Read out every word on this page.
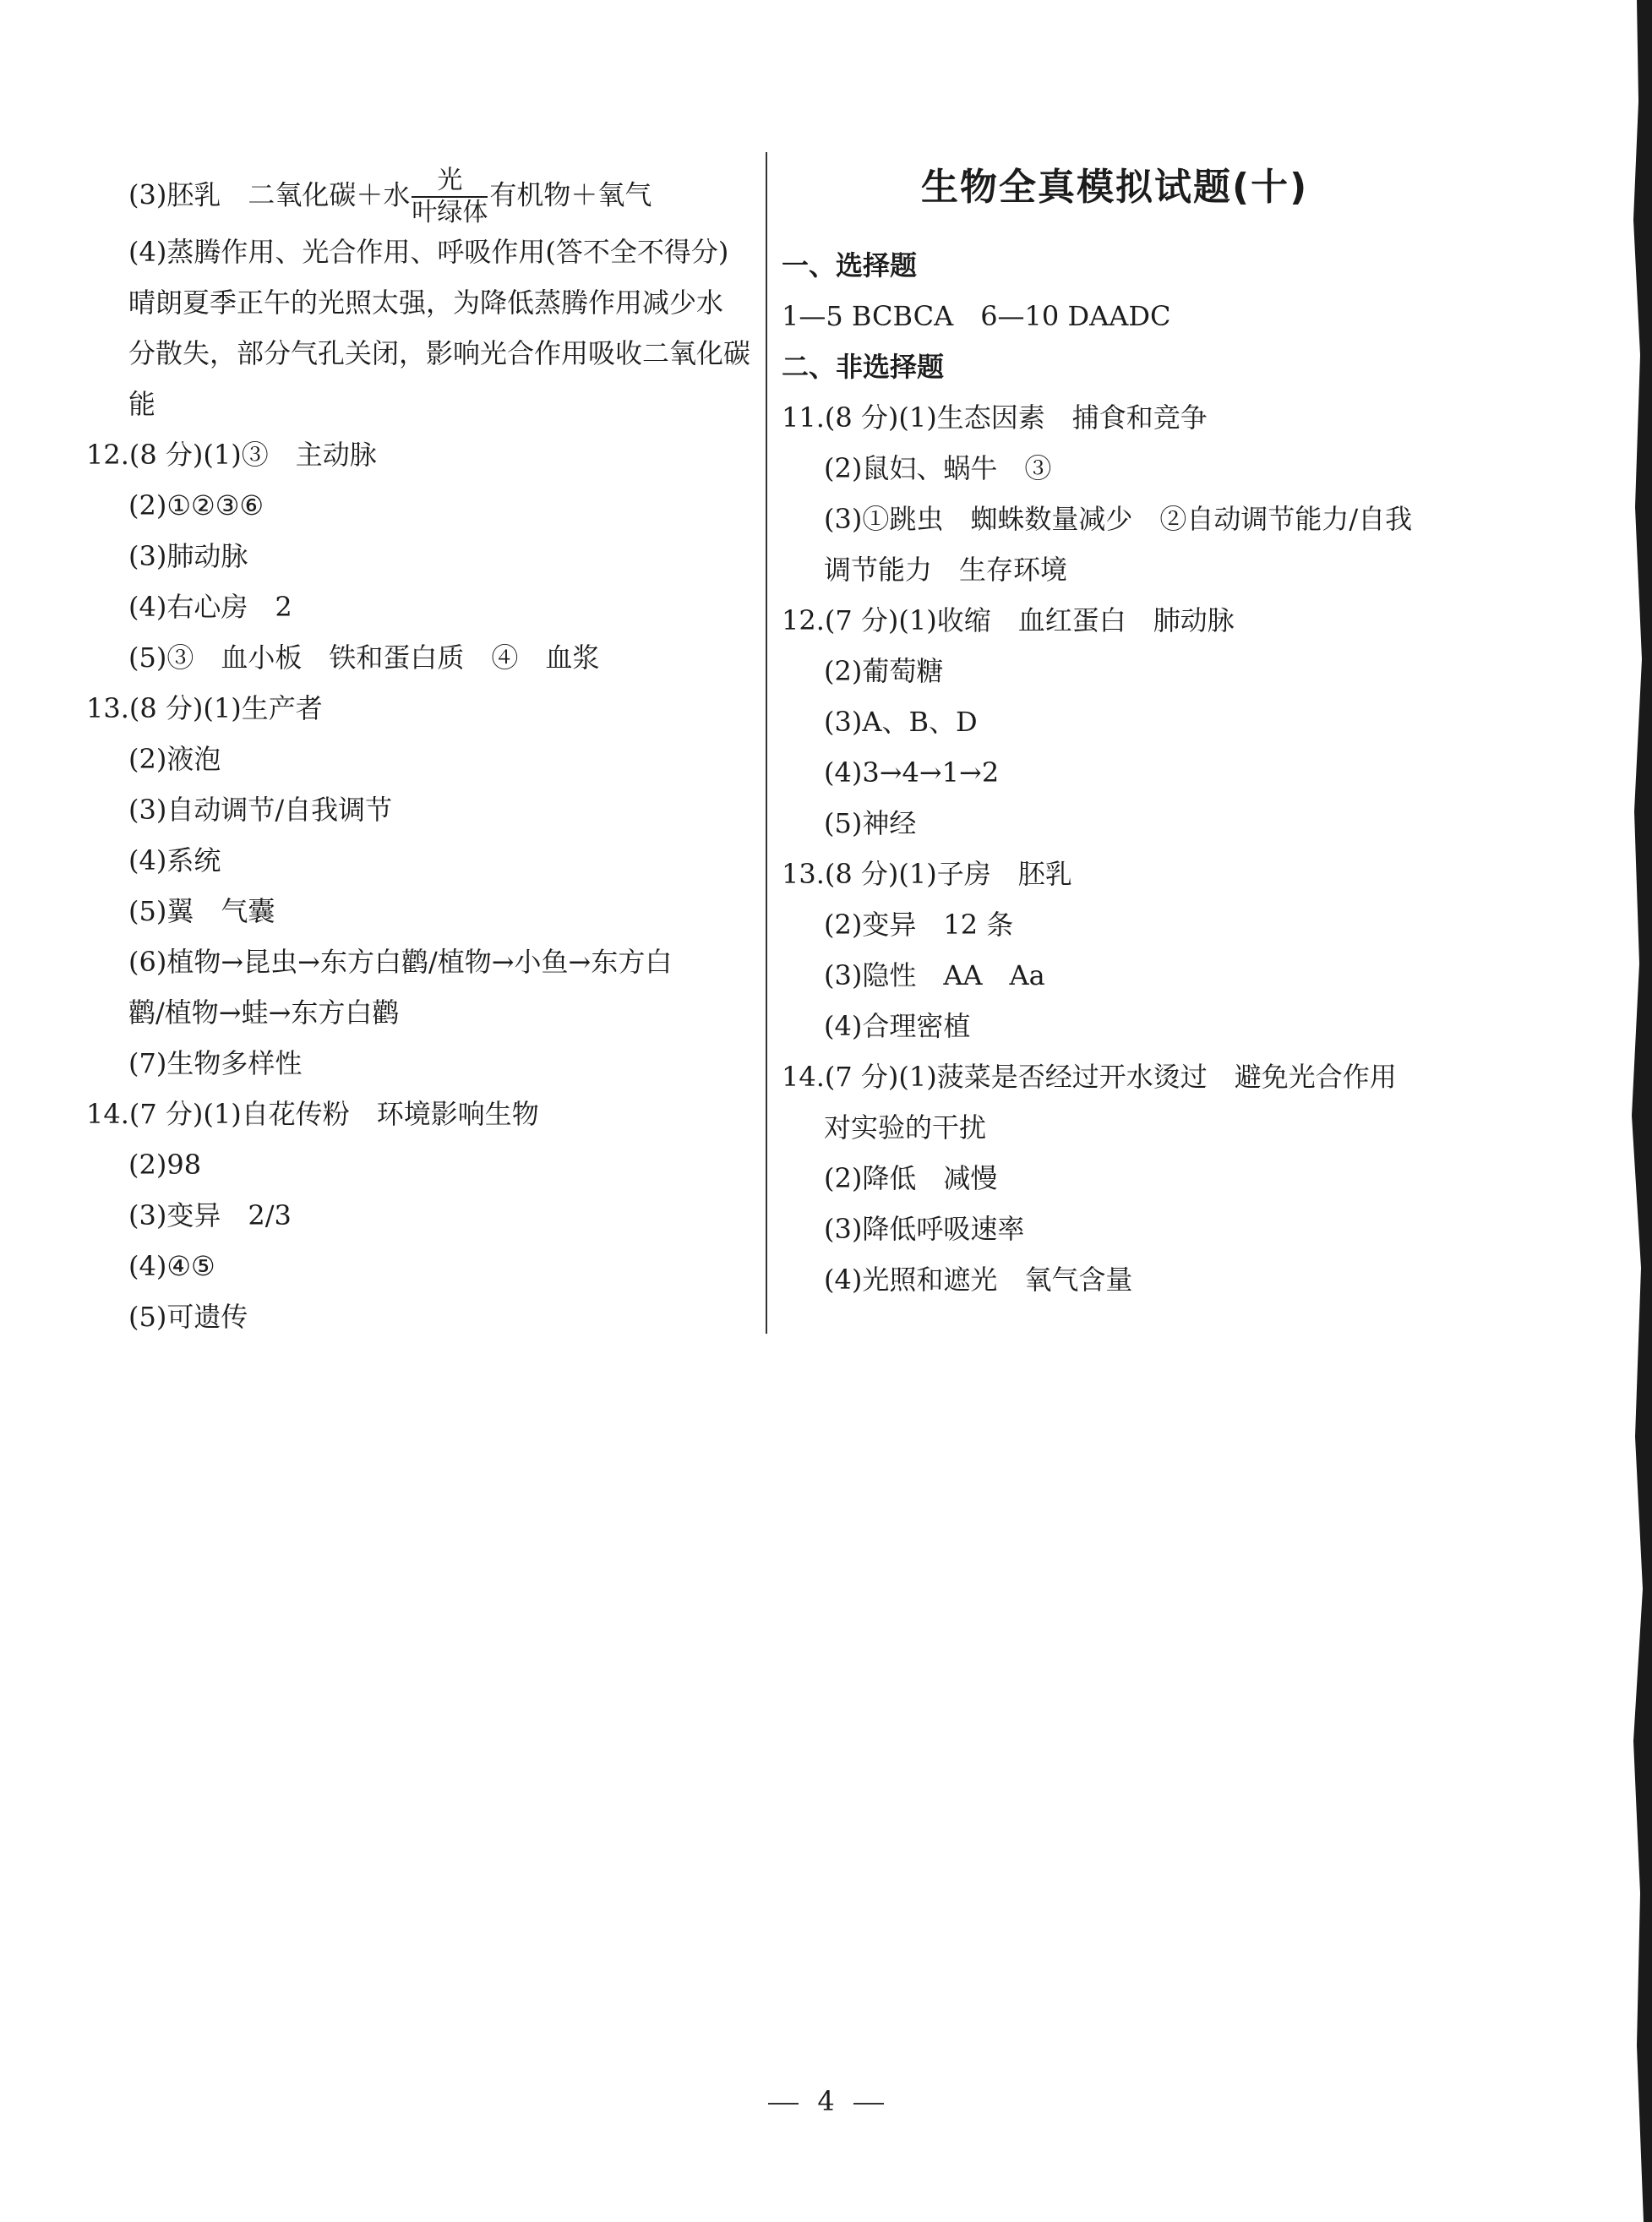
(3)胚乳　二氧化碳＋水 $\frac{\text{光}}{\text{叶绿体}}$ 有机物＋氧气
(4)蒸腾作用、光合作用、呼吸作用(答不全不得分)
晴朗夏季正午的光照太强，为降低蒸腾作用减少水
分散失，部分气孔关闭，影响光合作用吸收二氧化碳
能
12.(8 分)(1)③　主动脉
(2)①②③⑥
(3)肺动脉
(4)右心房　2
(5)③　血小板　铁和蛋白质　④　血浆
13.(8 分)(1)生产者
(2)液泡
(3)自动调节/自我调节
(4)系统
(5)翼　气囊
(6)植物→昆虫→东方白鹳/植物→小鱼→东方白
鹳/植物→蛙→东方白鹳
(7)生物多样性
14.(7 分)(1)自花传粉　环境影响生物
(2)98
(3)变异　2/3
(4)④⑤
(5)可遗传
生物全真模拟试题(十)
一、选择题
1—5 BCBCA　6—10 DAADC
二、非选择题
11.(8 分)(1)生态因素　捕食和竞争
(2)鼠妇、蜗牛　③
(3)①跳虫　蜘蛛数量减少　②自动调节能力/自我
调节能力　生存环境
12.(7 分)(1)收缩　血红蛋白　肺动脉
(2)葡萄糖
(3)A、B、D
(4)3→4→1→2
(5)神经
13.(8 分)(1)子房　胚乳
(2)变异　12 条
(3)隐性　AA　Aa
(4)合理密植
14.(7 分)(1)菠菜是否经过开水烫过　避免光合作用
对实验的干扰
(2)降低　减慢
(3)降低呼吸速率
(4)光照和遮光　氧气含量
4
